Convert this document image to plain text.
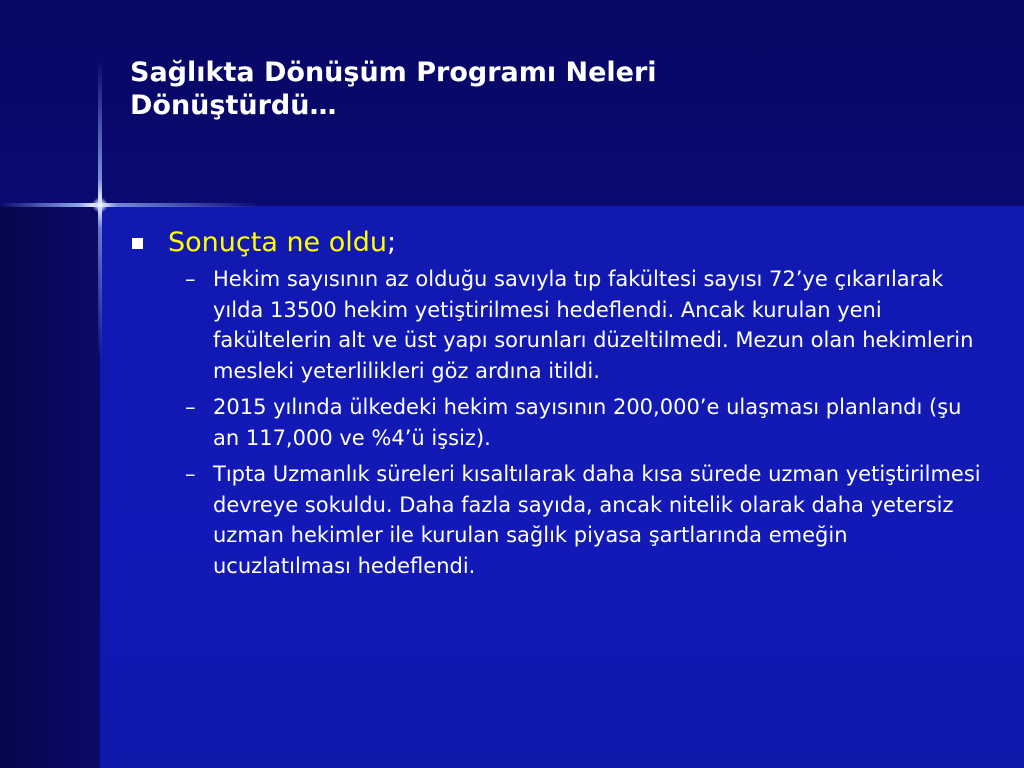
Sağlıkta Dönüşüm Programı Neleri
Dönüştürdü…
Sonuçta ne oldu;
– Hekim sayısının az olduğu savıyla tıp fakültesi sayısı 72’ye çıkarılarak yılda 13500 hekim yetiştirilmesi hedeflendi. Ancak kurulan yeni fakültelerin alt ve üst yapı sorunları düzeltilmedi. Mezun olan hekimlerin mesleki yeterlilikleri göz ardına itildi.
– 2015 yılında ülkedeki hekim sayısının 200,000’e ulaşması planlandı (şu an 117,000 ve %4’ü işsiz).
– Tıpta Uzmanlık süreleri kısaltılarak daha kısa sürede uzman yetiştirilmesi devreye sokuldu. Daha fazla sayıda, ancak nitelik olarak daha yetersiz uzman hekimler ile kurulan sağlık piyasa şartlarında emeğin ucuzlatılması hedeflendi.
